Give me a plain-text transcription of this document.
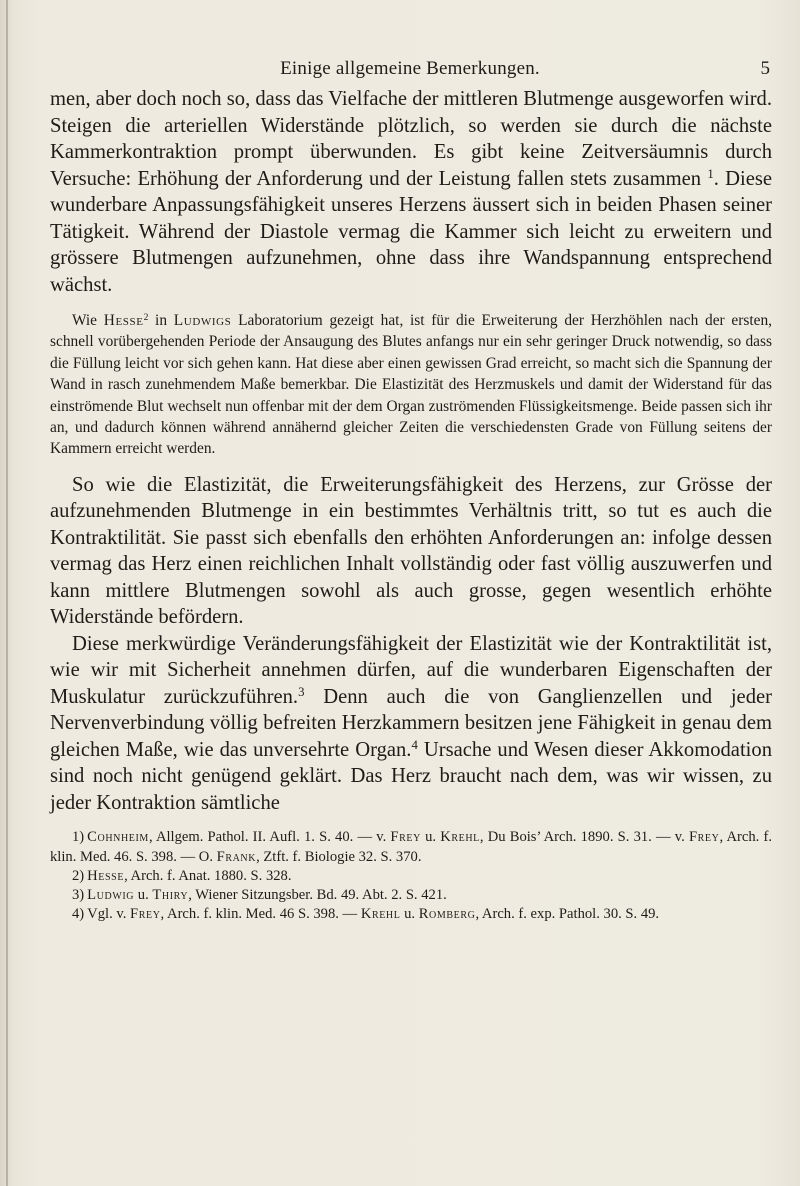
Einige allgemeine Bemerkungen.	5

men, aber doch noch so, dass das Vielfache der mittleren Blutmenge ausgeworfen wird. Steigen die arteriellen Widerstände plötzlich, so werden sie durch die nächste Kammerkontraktion prompt überwunden. Es gibt keine Zeitversäumnis durch Versuche: Erhöhung der Anforderung und der Leistung fallen stets zusammen $^1$. Diese wunderbare Anpassungsfähigkeit unseres Herzens äussert sich in beiden Phasen seiner Tätigkeit. Während der Diastole vermag die Kammer sich leicht zu erweitern und grössere Blutmengen aufzunehmen, ohne dass ihre Wandspannung entsprechend wächst.

Wie Hesse$^2$ in Ludwigs Laboratorium gezeigt hat, ist für die Erweiterung der Herzhöhlen nach der ersten, schnell vorübergehenden Periode der Ansaugung des Blutes anfangs nur ein sehr geringer Druck notwendig, so dass die Füllung leicht vor sich gehen kann. Hat diese aber einen gewissen Grad erreicht, so macht sich die Spannung der Wand in rasch zunehmendem Maße bemerkbar. Die Elastizität des Herzmuskels und damit der Widerstand für das einströmende Blut wechselt nun offenbar mit der dem Organ zuströmenden Flüssigkeitsmenge. Beide passen sich ihr an, und dadurch können während annähernd gleicher Zeiten die verschiedensten Grade von Füllung seitens der Kammern erreicht werden.

So wie die Elastizität, die Erweiterungsfähigkeit des Herzens, zur Grösse der aufzunehmenden Blutmenge in ein bestimmtes Verhältnis tritt, so tut es auch die Kontraktilität. Sie passt sich ebenfalls den erhöhten Anforderungen an: infolge dessen vermag das Herz einen reichlichen Inhalt vollständig oder fast völlig auszuwerfen und kann mittlere Blutmengen sowohl als auch grosse, gegen wesentlich erhöhte Widerstände befördern.

Diese merkwürdige Veränderungsfähigkeit der Elastizität wie der Kontraktilität ist, wie wir mit Sicherheit annehmen dürfen, auf die wunderbaren Eigenschaften der Muskulatur zurückzuführen.$^3$ Denn auch die von Ganglienzellen und jeder Nervenverbindung völlig befreiten Herzkammern besitzen jene Fähigkeit in genau dem gleichen Maße, wie das unversehrte Organ.$^4$ Ursache und Wesen dieser Akkomodation sind noch nicht genügend geklärt. Das Herz braucht nach dem, was wir wissen, zu jeder Kontraktion sämtliche

1) Cohnheim, Allgem. Pathol. II. Aufl. 1. S. 40. — v. Frey u. Krehl, Du Bois’ Arch. 1890. S. 31. — v. Frey, Arch. f. klin. Med. 46. S. 398. — O. Frank, Ztft. f. Biologie 32. S. 370.

2) Hesse, Arch. f. Anat. 1880. S. 328.

3) Ludwig u. Thiry, Wiener Sitzungsber. Bd. 49. Abt. 2. S. 421.

4) Vgl. v. Frey, Arch. f. klin. Med. 46 S. 398. — Krehl u. Romberg, Arch. f. exp. Pathol. 30. S. 49.
